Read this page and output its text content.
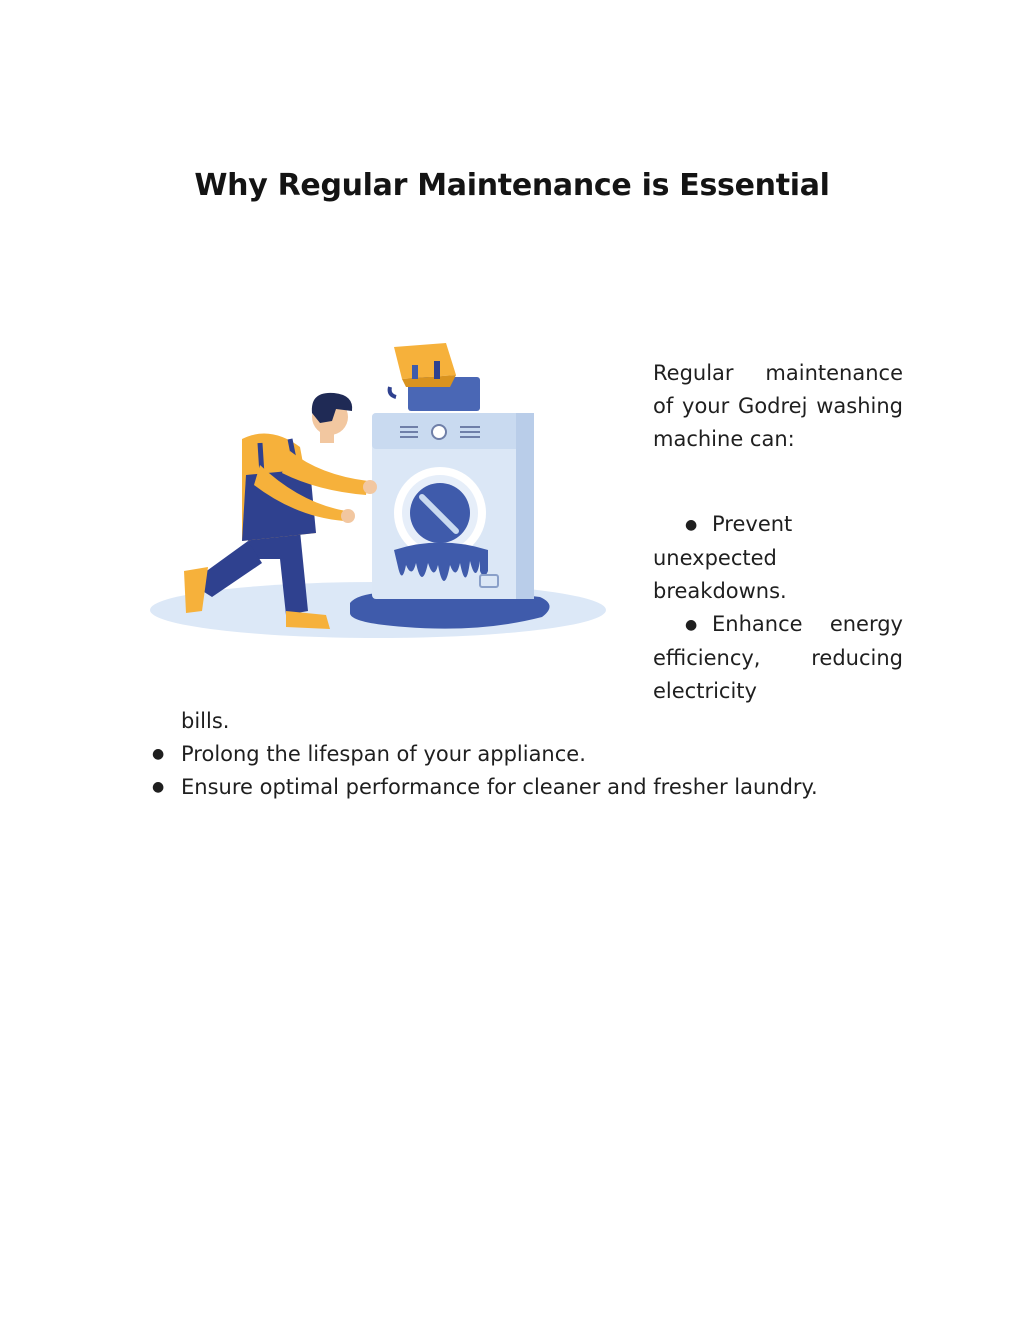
Why Regular Maintenance is Essential

Regular maintenance of your Godrej washing machine can:

● Prevent unexpected breakdowns.
● Enhance energy efficiency, reducing electricity
bills.
● Prolong the lifespan of your appliance.
● Ensure optimal performance for cleaner and fresher laundry.
